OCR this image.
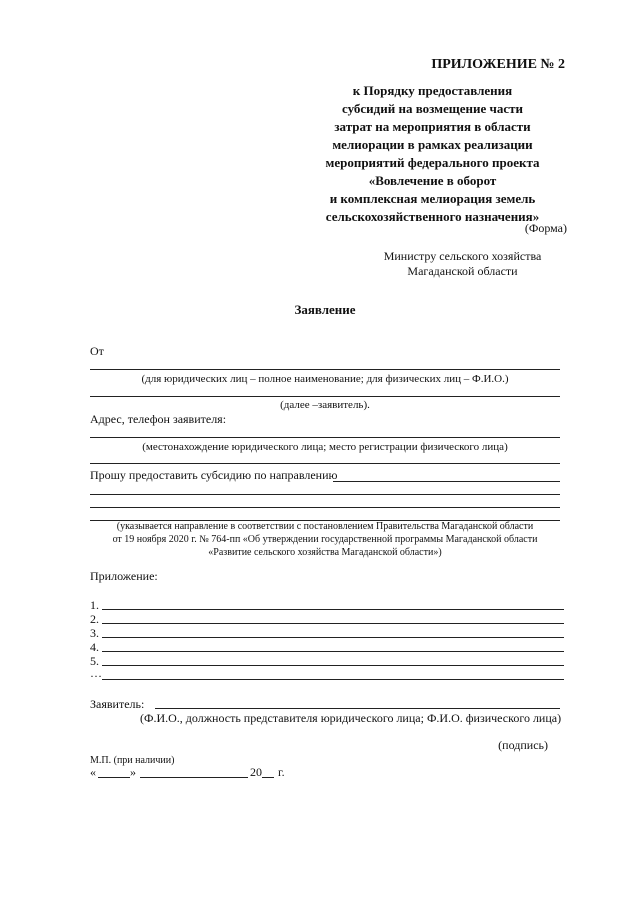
ПРИЛОЖЕНИЕ № 2
к Порядку предоставления
субсидий на возмещение части
затрат на мероприятия в области
мелиорации в рамках реализации
мероприятий федерального проекта
«Вовлечение в оборот
и комплексная мелиорация земель
сельскохозяйственного назначения»
(Форма)
Министру сельского хозяйства
Магаданской области
Заявление
От
(для юридических лиц – полное наименование; для физических лиц – Ф.И.О.)
(далее –заявитель).
Адрес, телефон заявителя:
(местонахождение юридического лица; место регистрации физического лица)
Прошу предоставить субсидию по направлению
(указывается направление в соответствии с постановлением Правительства Магаданской области
от 19 ноября 2020 г. № 764-пп «Об утверждении государственной программы Магаданской области
«Развитие сельского хозяйства Магаданской области»)
Приложение:
1.
2.
3.
4.
5.
…
Заявитель:
(Ф.И.О., должность представителя юридического лица; Ф.И.О. физического лица)
(подпись)
М.П. (при наличии)
«	»	20 г.
